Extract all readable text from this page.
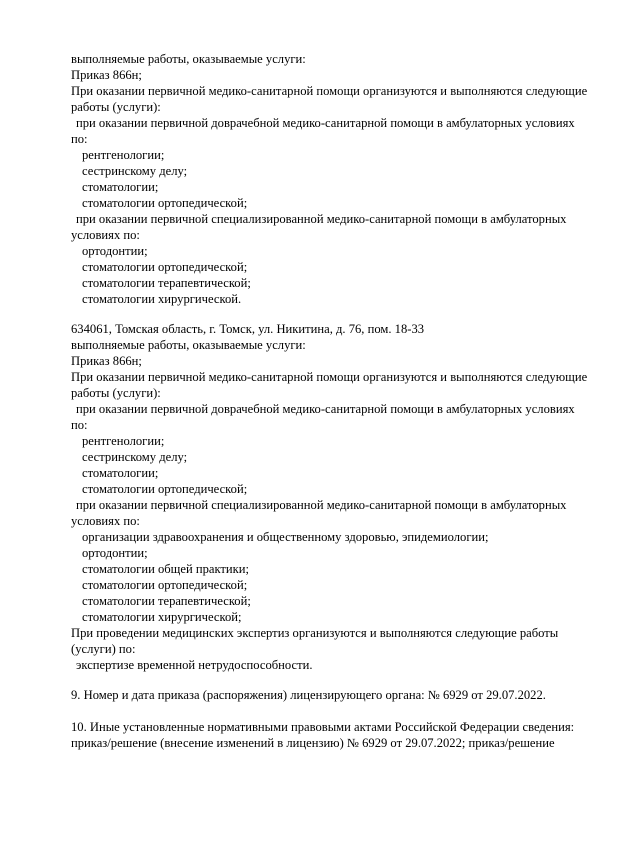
выполняемые работы, оказываемые услуги:

Приказ 866н;

При оказании первичной медико-санитарной помощи организуются и выполняются следующие

работы (услуги):

при оказании первичной доврачебной медико-санитарной помощи в амбулаторных условиях

по:

рентгенологии;

сестринскому делу;

стоматологии;

стоматологии ортопедической;

при оказании первичной специализированной медико-санитарной помощи в амбулаторных

условиях по:

ортодонтии;

стоматологии ортопедической;

стоматологии терапевтической;

стоматологии хирургической.

634061, Томская область, г. Томск, ул. Никитина, д. 76, пом. 18-33

выполняемые работы, оказываемые услуги:

Приказ 866н;

При оказании первичной медико-санитарной помощи организуются и выполняются следующие

работы (услуги):

при оказании первичной доврачебной медико-санитарной помощи в амбулаторных условиях

по:

рентгенологии;

сестринскому делу;

стоматологии;

стоматологии ортопедической;

при оказании первичной специализированной медико-санитарной помощи в амбулаторных

условиях по:

организации здравоохранения и общественному здоровью, эпидемиологии;

ортодонтии;

стоматологии общей практики;

стоматологии ортопедической;

стоматологии терапевтической;

стоматологии хирургической;

При проведении медицинских экспертиз организуются и выполняются следующие работы

(услуги) по:

экспертизе временной нетрудоспособности.

9. Номер и дата приказа (распоряжения) лицензирующего органа: № 6929 от 29.07.2022.

10. Иные установленные нормативными правовыми актами Российской Федерации сведения:

приказ/решение (внесение изменений в лицензию) № 6929 от 29.07.2022; приказ/решение
